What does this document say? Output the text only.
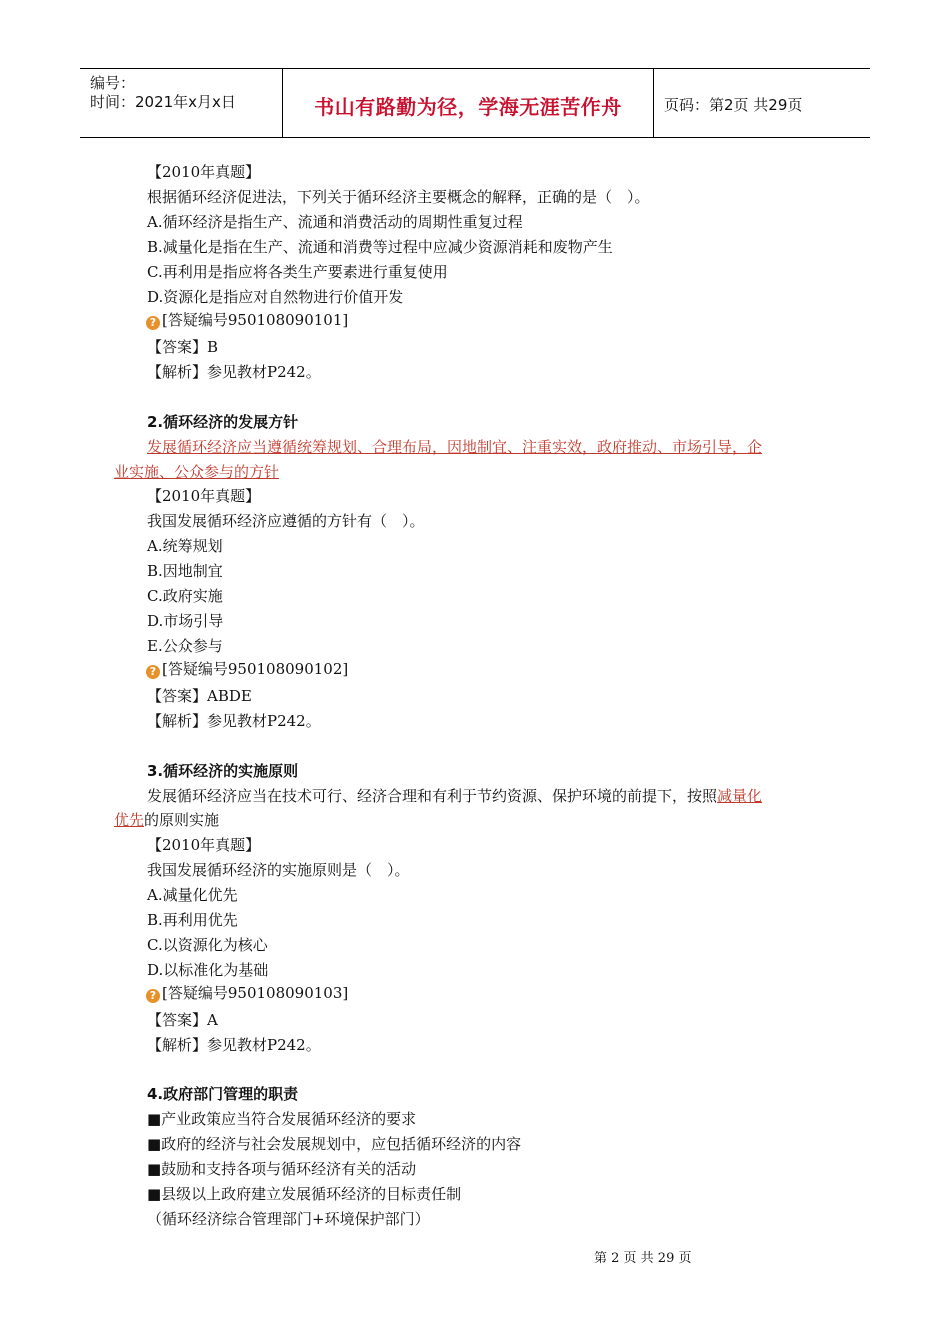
编号：
时间：2021年x月x日	书山有路勤为径，学海无涯苦作舟	页码：第2页 共29页
【2010年真题】
根据循环经济促进法，下列关于循环经济主要概念的解释，正确的是（　）。
A.循环经济是指生产、流通和消费活动的周期性重复过程
B.减量化是指在生产、流通和消费等过程中应减少资源消耗和废物产生
C.再利用是指应将各类生产要素进行重复使用
D.资源化是指应对自然物进行价值开发
? [答疑编号950108090101]
【答案】B
【解析】参见教材P242。
2.循环经济的发展方针
发展循环经济应当遵循统筹规划、合理布局，因地制宜、注重实效，政府推动、市场引导，企
业实施、公众参与的方针
【2010年真题】
我国发展循环经济应遵循的方针有（　）。
A.统筹规划
B.因地制宜
C.政府实施
D.市场引导
E.公众参与
? [答疑编号950108090102]
【答案】ABDE
【解析】参见教材P242。
3.循环经济的实施原则
发展循环经济应当在技术可行、经济合理和有利于节约资源、保护环境的前提下，按照减量化
优先的原则实施
【2010年真题】
我国发展循环经济的实施原则是（　）。
A.减量化优先
B.再利用优先
C.以资源化为核心
D.以标准化为基础
? [答疑编号950108090103]
【答案】A
【解析】参见教材P242。
4.政府部门管理的职责
■产业政策应当符合发展循环经济的要求
■政府的经济与社会发展规划中，应包括循环经济的内容
■鼓励和支持各项与循环经济有关的活动
■县级以上政府建立发展循环经济的目标责任制
（循环经济综合管理部门+环境保护部门）
第 2 页 共 29 页
